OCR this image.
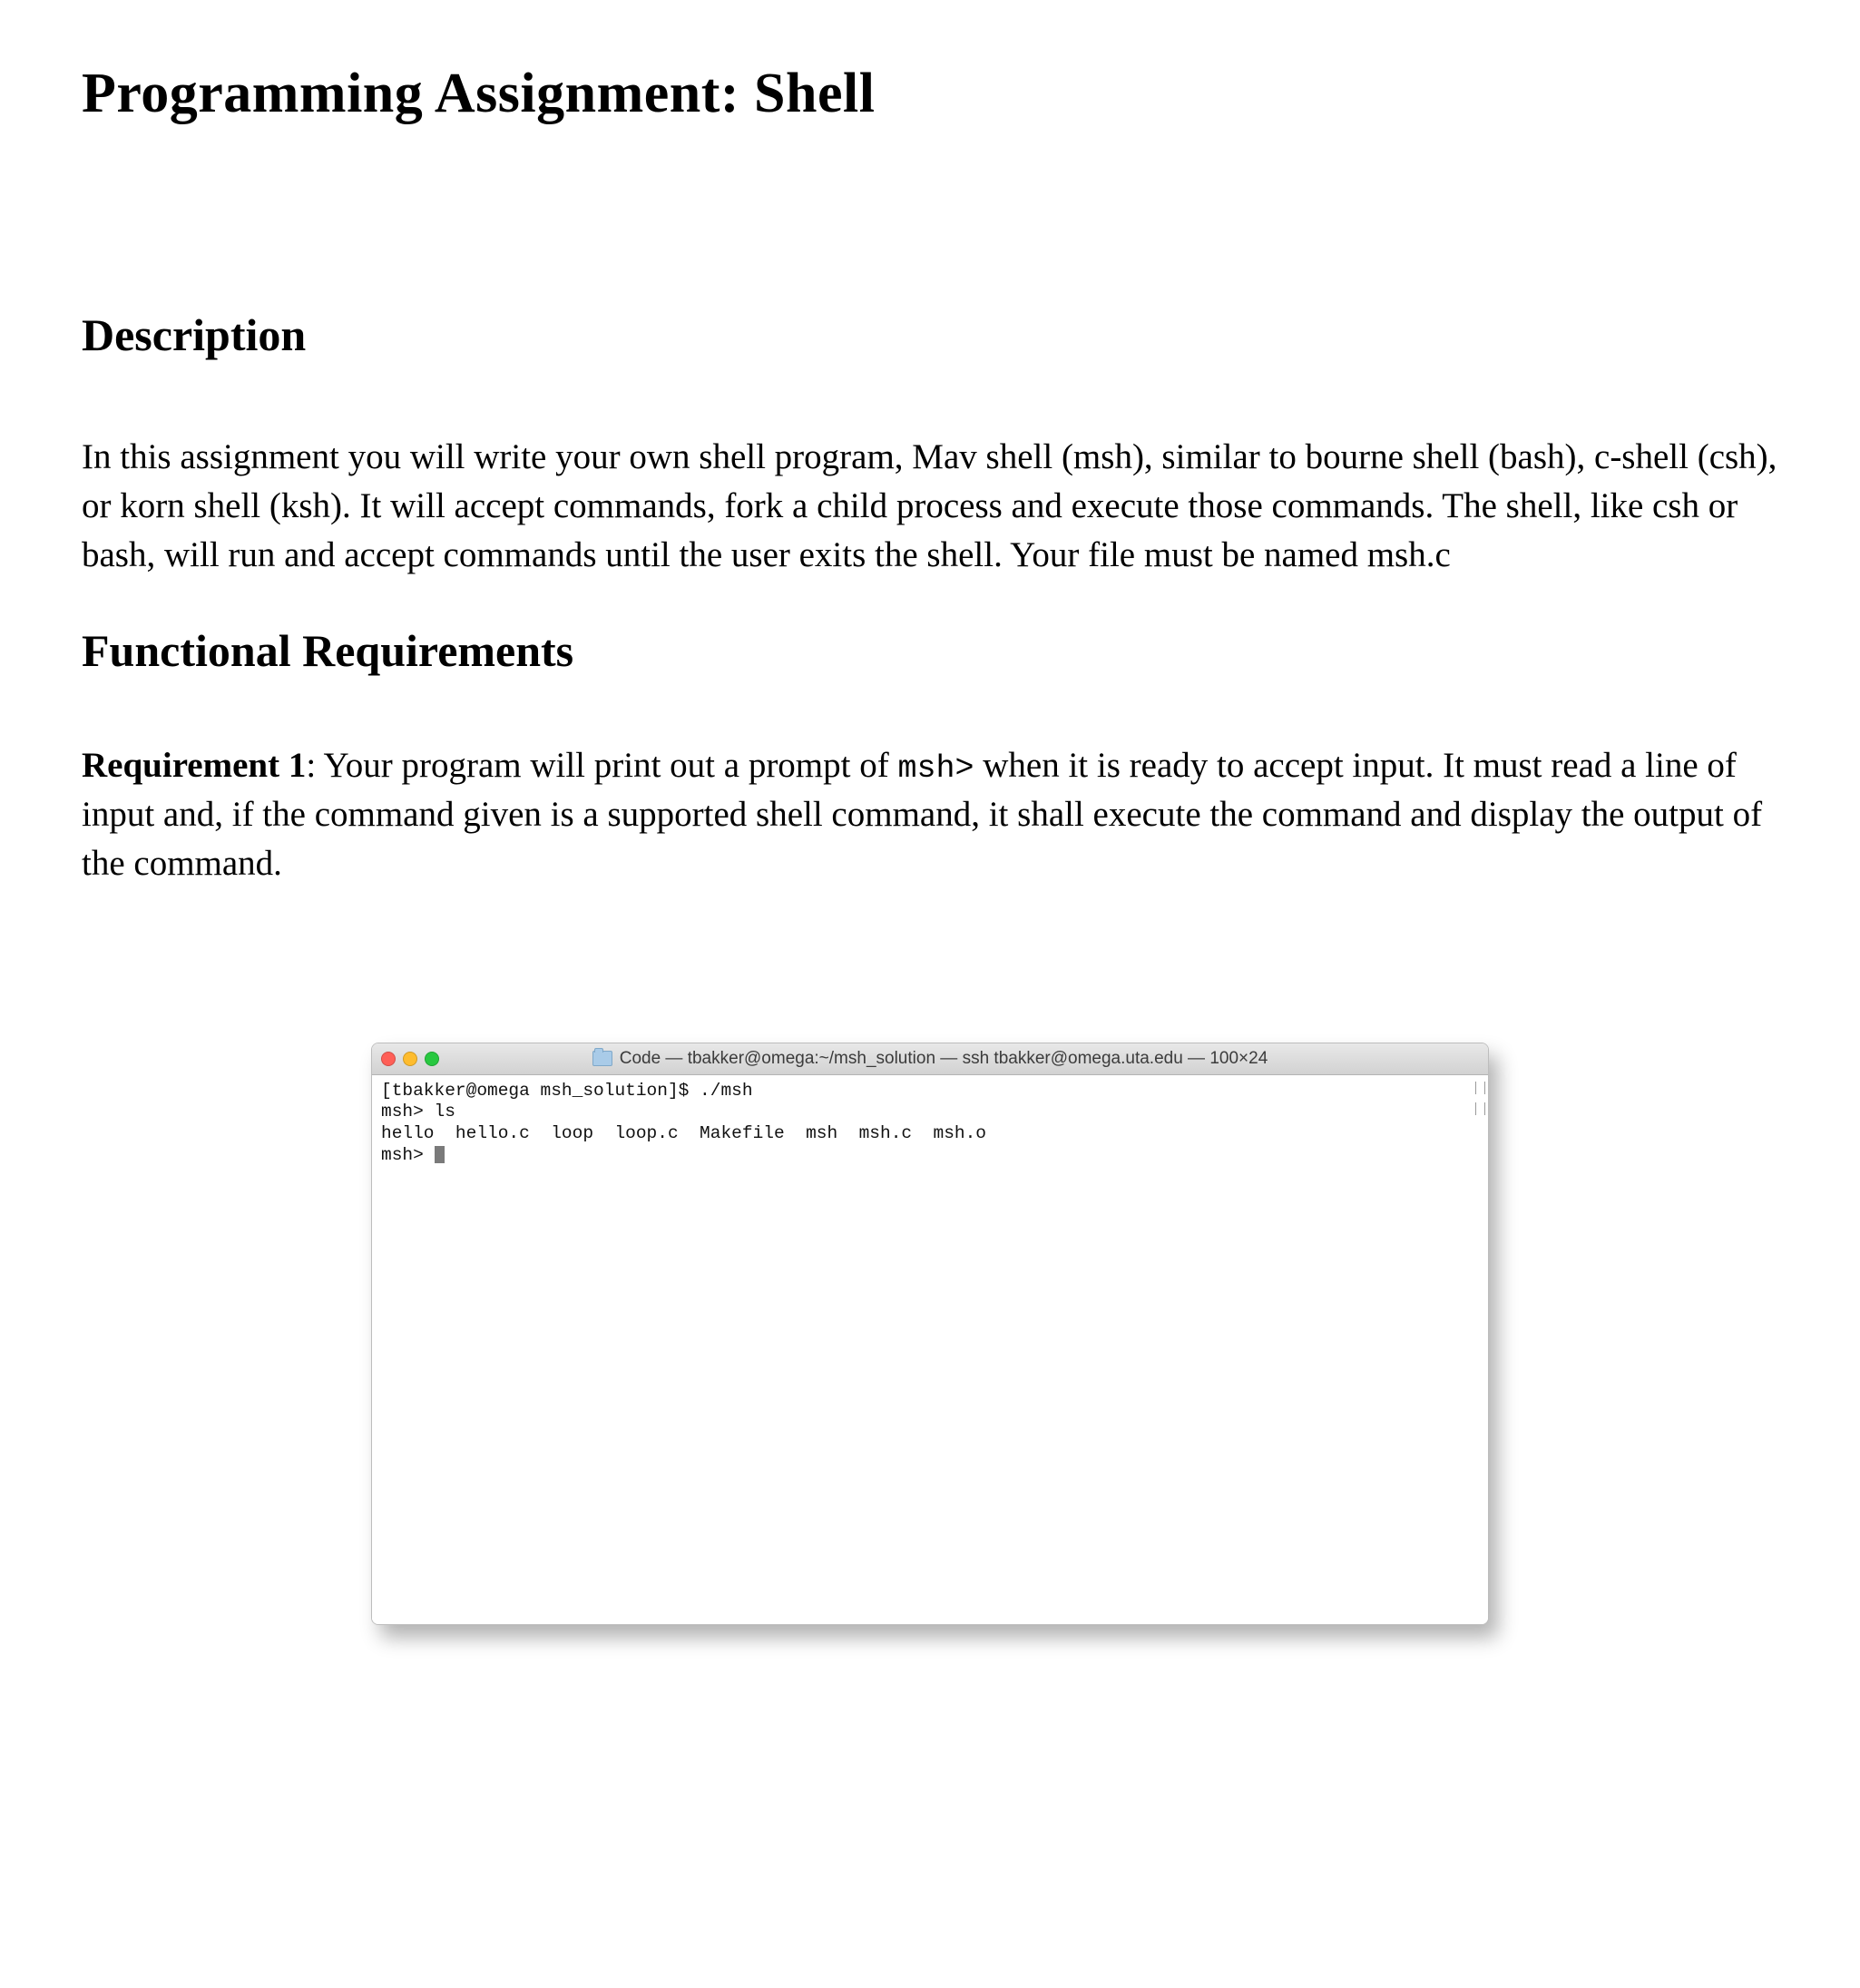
Programming Assignment: Shell
Description

In this assignment you will write your own shell program, Mav shell (msh), similar to bourne shell (bash), c-shell (csh), or korn shell (ksh). It will accept commands, fork a child process and execute those commands. The shell, like csh or bash, will run and accept commands until the user exits the shell. Your file must be named msh.c

Functional Requirements

Requirement 1: Your program will print out a prompt of msh> when it is ready to accept input. It must read a line of input and, if the command given is a supported shell command, it shall execute the command and display the output of the command.

Code — tbakker@omega:~/msh_solution — ssh tbakker@omega.uta.edu — 100×24
[tbakker@omega msh_solution]$ ./msh
msh> ls
hello  hello.c  loop  loop.c  Makefile  msh  msh.c  msh.o
msh>
